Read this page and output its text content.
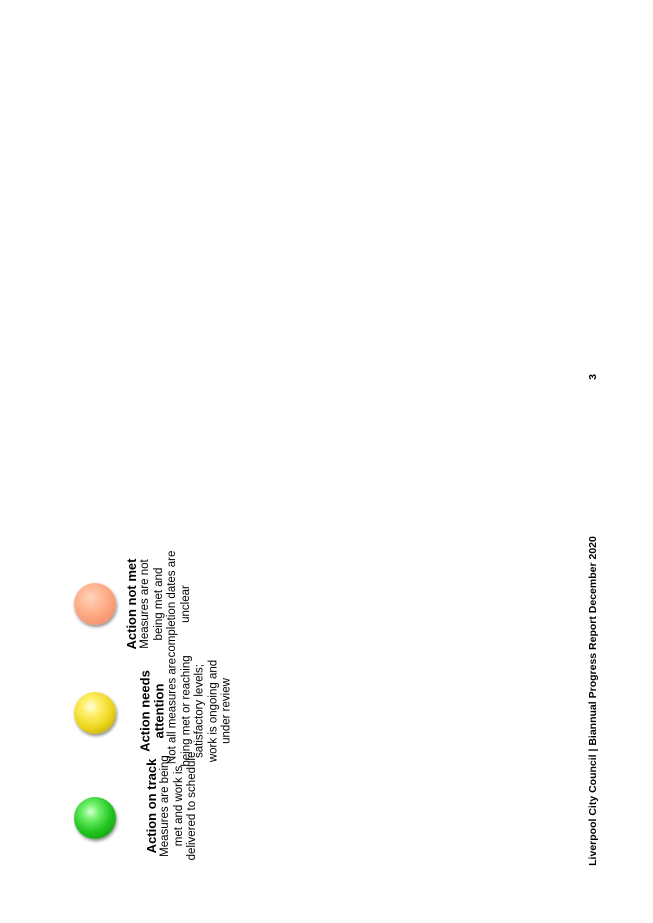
Action on track Measures are being met and work is delivered to schedule
Action needs attention Not all measures are being met or reaching satisfactory levels; work is ongoing and under review
Action not met Measures are not being met and completion dates are unclear	Liverpool City Council | Biannual Progress Report December 2020
3
